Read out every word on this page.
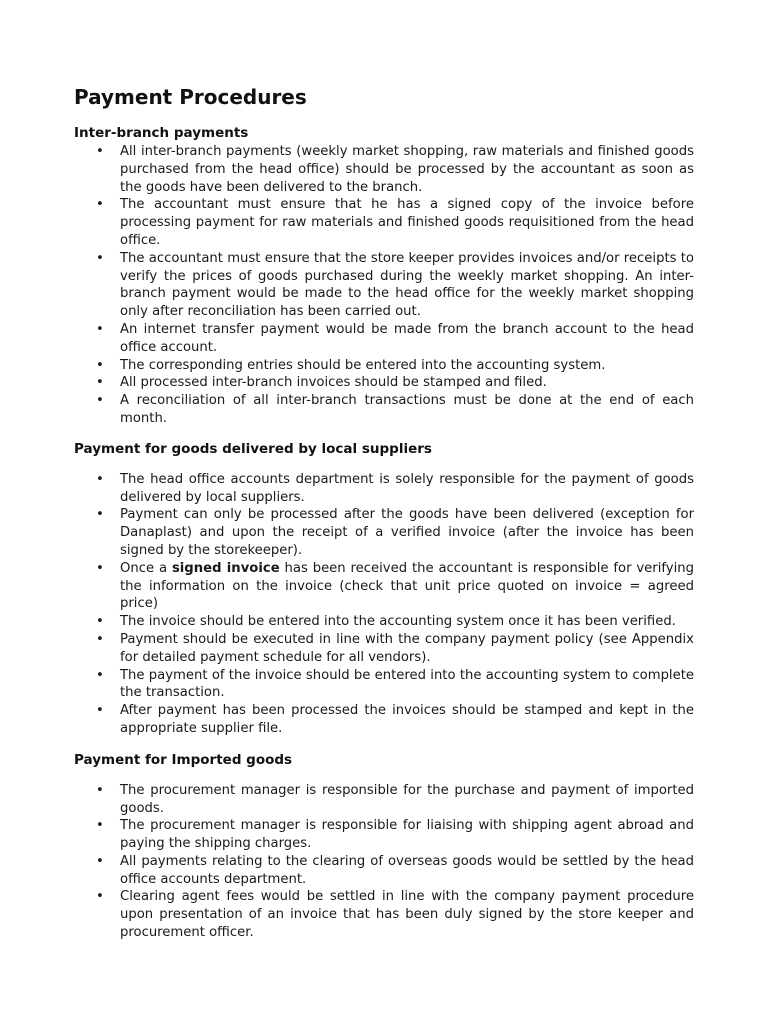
Payment Procedures
Inter-branch payments
• All inter-branch payments (weekly market shopping, raw materials and finished goods purchased from the head office) should be processed by the accountant as soon as the goods have been delivered to the branch.
• The accountant must ensure that he has a signed copy of the invoice before processing payment for raw materials and finished goods requisitioned from the head office.
• The accountant must ensure that the store keeper provides invoices and/or receipts to verify the prices of goods purchased during the weekly market shopping. An inter-branch payment would be made to the head office for the weekly market shopping only after reconciliation has been carried out.
• An internet transfer payment would be made from the branch account to the head office account.
• The corresponding entries should be entered into the accounting system.
• All processed inter-branch invoices should be stamped and filed.
• A reconciliation of all inter-branch transactions must be done at the end of each month.
Payment for goods delivered by local suppliers
• The head office accounts department is solely responsible for the payment of goods delivered by local suppliers.
• Payment can only be processed after the goods have been delivered (exception for Danaplast) and upon the receipt of a verified invoice (after the invoice has been signed by the storekeeper).
• Once a signed invoice has been received the accountant is responsible for verifying the information on the invoice (check that unit price quoted on invoice = agreed price)
• The invoice should be entered into the accounting system once it has been verified.
• Payment should be executed in line with the company payment policy (see Appendix for detailed payment schedule for all vendors).
• The payment of the invoice should be entered into the accounting system to complete the transaction.
• After payment has been processed the invoices should be stamped and kept in the appropriate supplier file.
Payment for Imported goods
• The procurement manager is responsible for the purchase and payment of imported goods.
• The procurement manager is responsible for liaising with shipping agent abroad and paying the shipping charges.
• All payments relating to the clearing of overseas goods would be settled by the head office accounts department.
• Clearing agent fees would be settled in line with the company payment procedure upon presentation of an invoice that has been duly signed by the store keeper and procurement officer.
